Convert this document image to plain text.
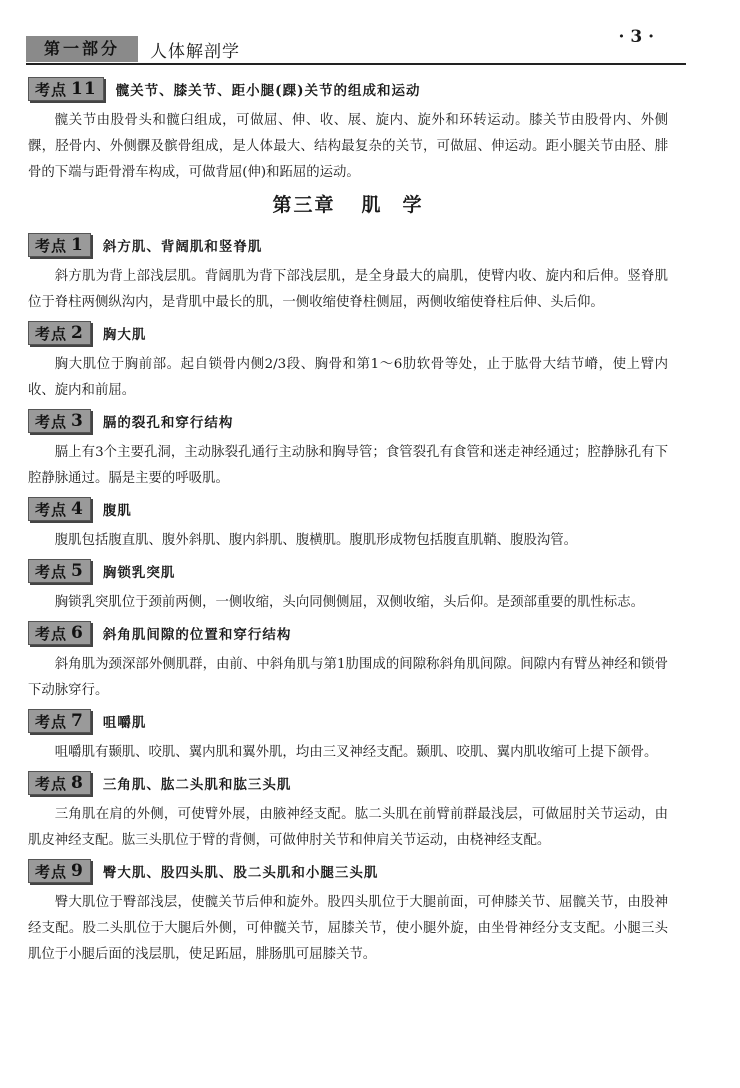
第一部分	人体解剖学
· 3 ·
考点 11 髋关节、膝关节、距小腿(踝)关节的组成和运动

髋关节由股骨头和髋臼组成，可做屈、伸、收、展、旋内、旋外和环转运动。膝关节由股骨内、外侧髁，胫骨内、外侧髁及髌骨组成，是人体最大、结构最复杂的关节，可做屈、伸运动。距小腿关节由胫、腓骨的下端与距骨滑车构成，可做背屈(伸)和跖屈的运动。

第三章 肌 学
考点 1 斜方肌、背阔肌和竖脊肌

斜方肌为背上部浅层肌。背阔肌为背下部浅层肌，是全身最大的扁肌，使臂内收、旋内和后伸。竖脊肌位于脊柱两侧纵沟内，是背肌中最长的肌，一侧收缩使脊柱侧屈，两侧收缩使脊柱后伸、头后仰。

考点 2 胸大肌

胸大肌位于胸前部。起自锁骨内侧2/3段、胸骨和第1～6肋软骨等处，止于肱骨大结节嵴，使上臂内收、旋内和前屈。

考点 3 膈的裂孔和穿行结构

膈上有3个主要孔洞，主动脉裂孔通行主动脉和胸导管；食管裂孔有食管和迷走神经通过；腔静脉孔有下腔静脉通过。膈是主要的呼吸肌。

考点 4 腹肌

腹肌包括腹直肌、腹外斜肌、腹内斜肌、腹横肌。腹肌形成物包括腹直肌鞘、腹股沟管。

考点 5 胸锁乳突肌

胸锁乳突肌位于颈前两侧，一侧收缩，头向同侧侧屈，双侧收缩，头后仰。是颈部重要的肌性标志。

考点 6 斜角肌间隙的位置和穿行结构

斜角肌为颈深部外侧肌群，由前、中斜角肌与第1肋围成的间隙称斜角肌间隙。间隙内有臂丛神经和锁骨下动脉穿行。

考点 7 咀嚼肌

咀嚼肌有颞肌、咬肌、翼内肌和翼外肌，均由三叉神经支配。颞肌、咬肌、翼内肌收缩可上提下颌骨。

考点 8 三角肌、肱二头肌和肱三头肌

三角肌在肩的外侧，可使臂外展，由腋神经支配。肱二头肌在前臂前群最浅层，可做屈肘关节运动，由肌皮神经支配。肱三头肌位于臂的背侧，可做伸肘关节和伸肩关节运动，由桡神经支配。

考点 9 臀大肌、股四头肌、股二头肌和小腿三头肌

臀大肌位于臀部浅层，使髋关节后伸和旋外。股四头肌位于大腿前面，可伸膝关节、屈髋关节，由股神经支配。股二头肌位于大腿后外侧，可伸髋关节，屈膝关节，使小腿外旋，由坐骨神经分支支配。小腿三头肌位于小腿后面的浅层肌，使足跖屈，腓肠肌可屈膝关节。
